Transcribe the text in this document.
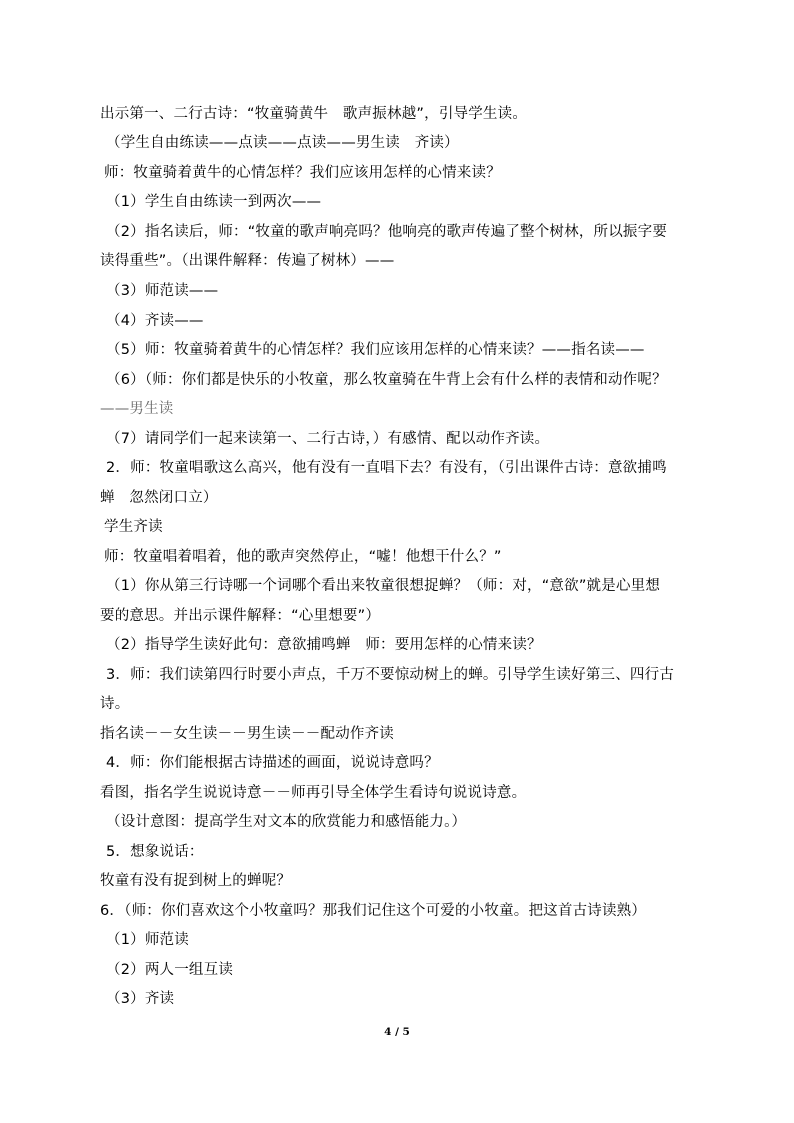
出示第一、二行古诗：“牧童骑黄牛　歌声振林越”，引导学生读。
（学生自由练读——点读——点读——男生读　齐读）
师：牧童骑着黄牛的心情怎样？我们应该用怎样的心情来读？
（1）学生自由练读一到两次——
（2）指名读后，师：“牧童的歌声响亮吗？他响亮的歌声传遍了整个树林，所以振字要
读得重些”。（出课件解释：传遍了树林）——
（3）师范读——
（4）齐读——
（5）师：牧童骑着黄牛的心情怎样？我们应该用怎样的心情来读？——指名读——
（6）（师：你们都是快乐的小牧童，那么牧童骑在牛背上会有什么样的表情和动作呢？
——男生读
（7）请同学们一起来读第一、二行古诗，）有感情、配以动作齐读。
2．师：牧童唱歌这么高兴，他有没有一直唱下去？有没有，（引出课件古诗：意欲捕鸣
蝉　忽然闭口立）
学生齐读
师：牧童唱着唱着，他的歌声突然停止，“嘘！他想干什么？”
（1）你从第三行诗哪一个词哪个看出来牧童很想捉蝉？（师：对，“意欲”就是心里想
要的意思。并出示课件解释：“心里想要”）
（2）指导学生读好此句：意欲捕鸣蝉　师：要用怎样的心情来读？
3．师：我们读第四行时要小声点，千万不要惊动树上的蝉。引导学生读好第三、四行古
诗。
指名读－－女生读－－男生读－－配动作齐读
4．师：你们能根据古诗描述的画面，说说诗意吗？
看图，指名学生说说诗意－－师再引导全体学生看诗句说说诗意。
（设计意图：提高学生对文本的欣赏能力和感悟能力。）
5．想象说话：
牧童有没有捉到树上的蝉呢？
6．（师：你们喜欢这个小牧童吗？那我们记住这个可爱的小牧童。把这首古诗读熟）
（1）师范读
（2）两人一组互读
（3）齐读
4 / 5
